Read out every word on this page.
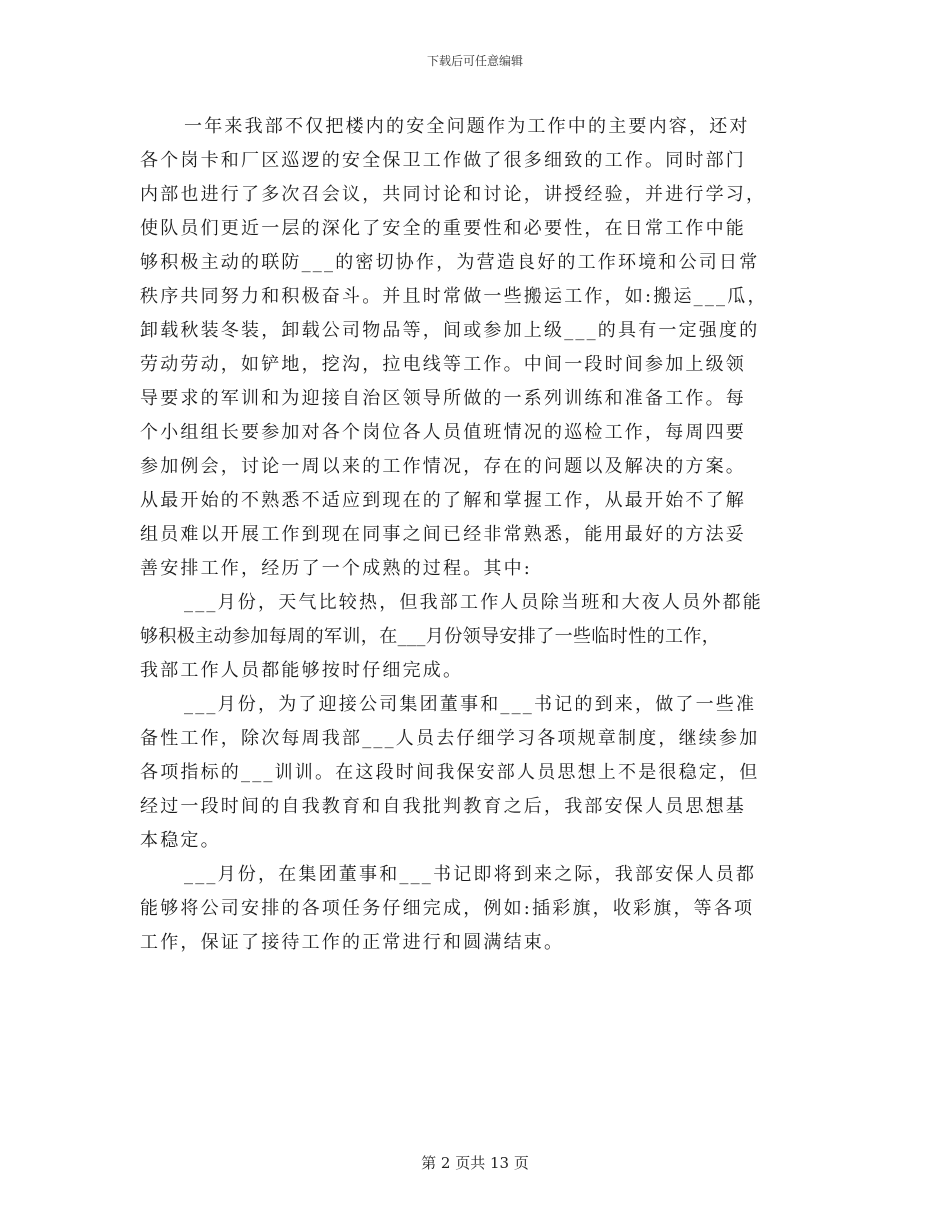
下载后可任意编辑
一年来我部不仅把楼内的安全问题作为工作中的主要内容，还对
各个岗卡和厂区巡逻的安全保卫工作做了很多细致的工作。同时部门
内部也进行了多次召会议，共同讨论和讨论，讲授经验，并进行学习，
使队员们更近一层的深化了安全的重要性和必要性，在日常工作中能
够积极主动的联防___的密切协作，为营造良好的工作环境和公司日常
秩序共同努力和积极奋斗。并且时常做一些搬运工作，如:搬运___瓜，
卸载秋装冬装，卸载公司物品等，间或参加上级___的具有一定强度的
劳动劳动，如铲地，挖沟，拉电线等工作。中间一段时间参加上级领
导要求的军训和为迎接自治区领导所做的一系列训练和准备工作。每
个小组组长要参加对各个岗位各人员值班情况的巡检工作，每周四要
参加例会，讨论一周以来的工作情况，存在的问题以及解决的方案。
从最开始的不熟悉不适应到现在的了解和掌握工作，从最开始不了解
组员难以开展工作到现在同事之间已经非常熟悉，能用最好的方法妥
善安排工作，经历了一个成熟的过程。其中:
___月份，天气比较热，但我部工作人员除当班和大夜人员外都能
够积极主动参加每周的军训，在___月份领导安排了一些临时性的工作，
我部工作人员都能够按时仔细完成。
___月份，为了迎接公司集团董事和___书记的到来，做了一些准
备性工作，除次每周我部___人员去仔细学习各项规章制度，继续参加
各项指标的___训训。在这段时间我保安部人员思想上不是很稳定，但
经过一段时间的自我教育和自我批判教育之后，我部安保人员思想基
本稳定。
___月份，在集团董事和___书记即将到来之际，我部安保人员都
能够将公司安排的各项任务仔细完成，例如:插彩旗，收彩旗，等各项
工作，保证了接待工作的正常进行和圆满结束。
第 2 页共 13 页
